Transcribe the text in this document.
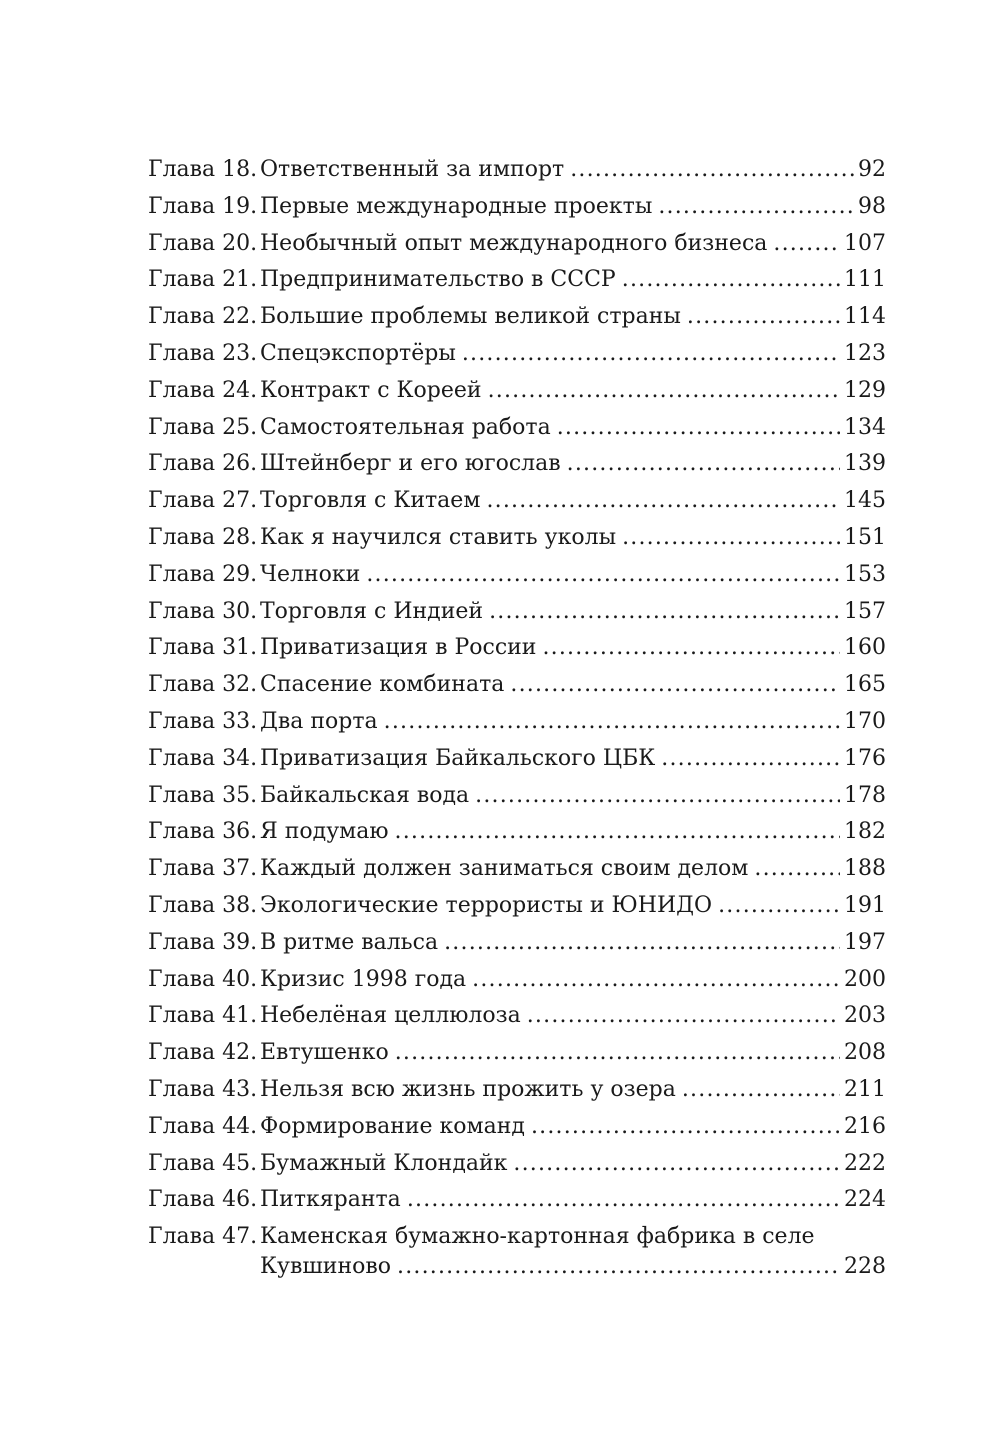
Глава 18. Ответственный за импорт .....	92
Глава 19. Первые международные проекты .....	98
Глава 20. Необычный опыт международного бизнеса .....	107
Глава 21. Предпринимательство в СССР .....	111
Глава 22. Большие проблемы великой страны .....	114
Глава 23. Спецэкспортёры .....	123
Глава 24. Контракт с Кореей .....	129
Глава 25. Самостоятельная работа .....	134
Глава 26. Штейнберг и его югослав .....	139
Глава 27. Торговля с Китаем .....	145
Глава 28. Как я научился ставить уколы .....	151
Глава 29. Челноки .....	153
Глава 30. Торговля с Индией .....	157
Глава 31. Приватизация в России .....	160
Глава 32. Спасение комбината .....	165
Глава 33. Два порта .....	170
Глава 34. Приватизация Байкальского ЦБК .....	176
Глава 35. Байкальская вода .....	178
Глава 36. Я подумаю .....	182
Глава 37. Каждый должен заниматься своим делом .....	188
Глава 38. Экологические террористы и ЮНИДО .....	191
Глава 39. В ритме вальса .....	197
Глава 40. Кризис 1998 года .....	200
Глава 41. Небелёная целлюлоза .....	203
Глава 42. Евтушенко .....	208
Глава 43. Нельзя всю жизнь прожить у озера .....	211
Глава 44. Формирование команд .....	216
Глава 45. Бумажный Клондайк .....	222
Глава 46. Питкяранта .....	224
Глава 47. Каменская бумажно-картонная фабрика в селе
Кувшиново .....	228
